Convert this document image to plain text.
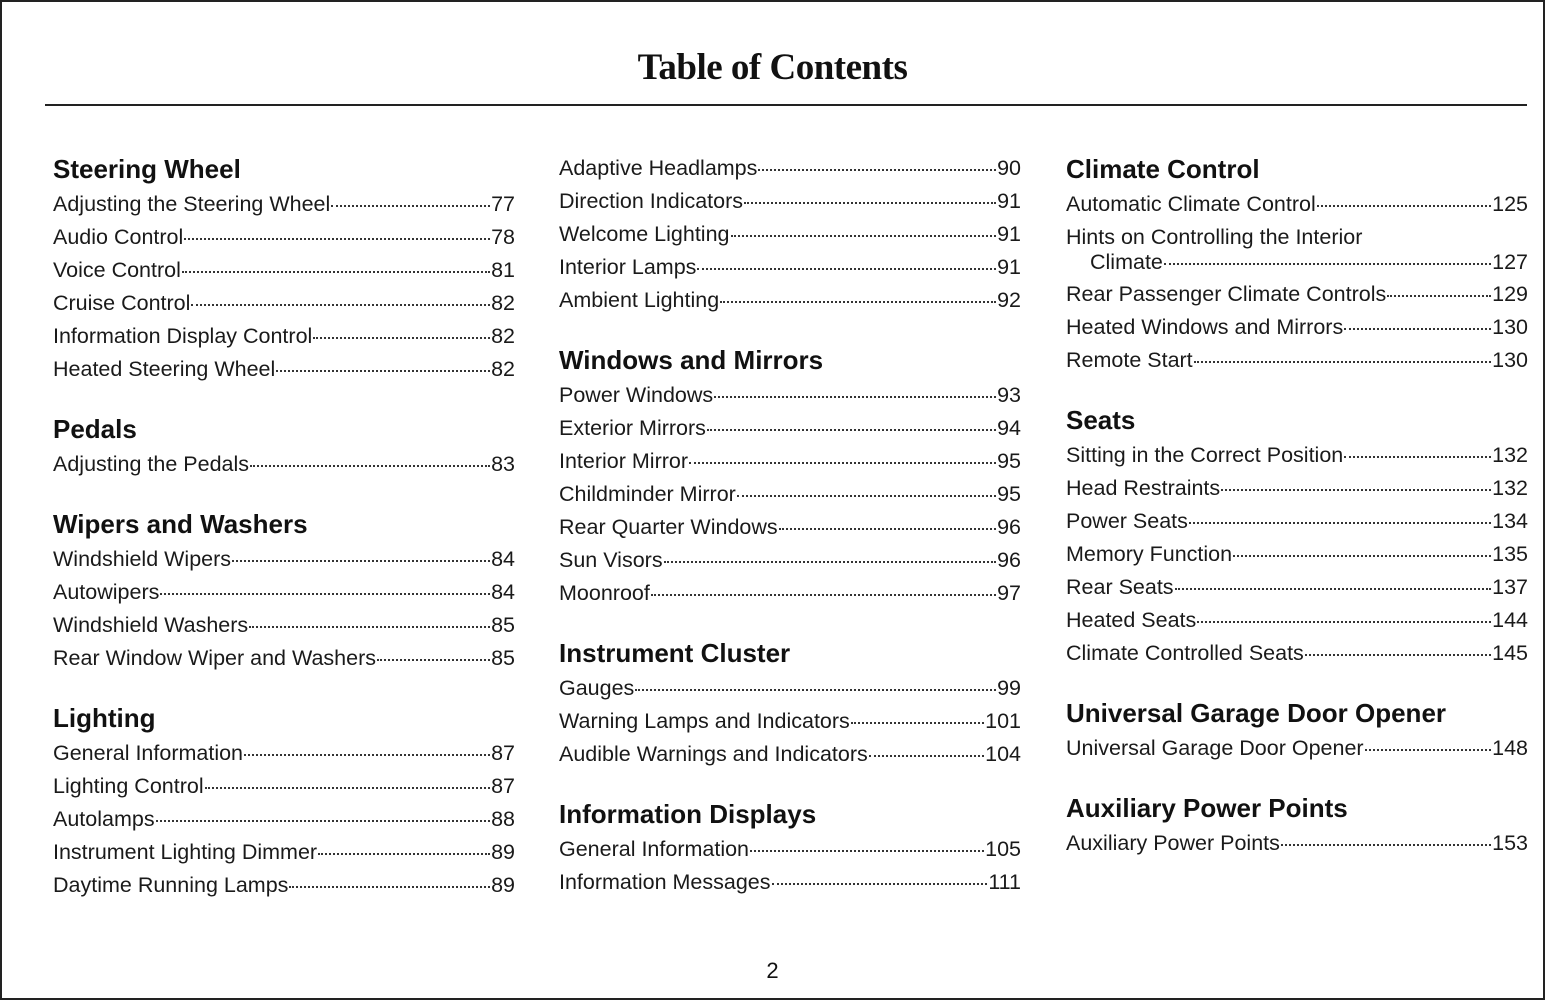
Table of Contents
Steering Wheel
Adjusting the Steering Wheel	77
Audio Control	78
Voice Control	81
Cruise Control	82
Information Display Control	82
Heated Steering Wheel	82
Pedals
Adjusting the Pedals	83
Wipers and Washers
Windshield Wipers	84
Autowipers	84
Windshield Washers	85
Rear Window Wiper and Washers	85
Lighting
General Information	87
Lighting Control	87
Autolamps	88
Instrument Lighting Dimmer	89
Daytime Running Lamps	89
Adaptive Headlamps	90
Direction Indicators	91
Welcome Lighting	91
Interior Lamps	91
Ambient Lighting	92
Windows and Mirrors
Power Windows	93
Exterior Mirrors	94
Interior Mirror	95
Childminder Mirror	95
Rear Quarter Windows	96
Sun Visors	96
Moonroof	97
Instrument Cluster
Gauges	99
Warning Lamps and Indicators	101
Audible Warnings and Indicators	104
Information Displays
General Information	105
Information Messages	111
Climate Control
Automatic Climate Control	125
Hints on Controlling the Interior
Climate	127
Rear Passenger Climate Controls	129
Heated Windows and Mirrors	130
Remote Start	130
Seats
Sitting in the Correct Position	132
Head Restraints	132
Power Seats	134
Memory Function	135
Rear Seats	137
Heated Seats	144
Climate Controlled Seats	145
Universal Garage Door Opener
Universal Garage Door Opener	148
Auxiliary Power Points
Auxiliary Power Points	153
2
